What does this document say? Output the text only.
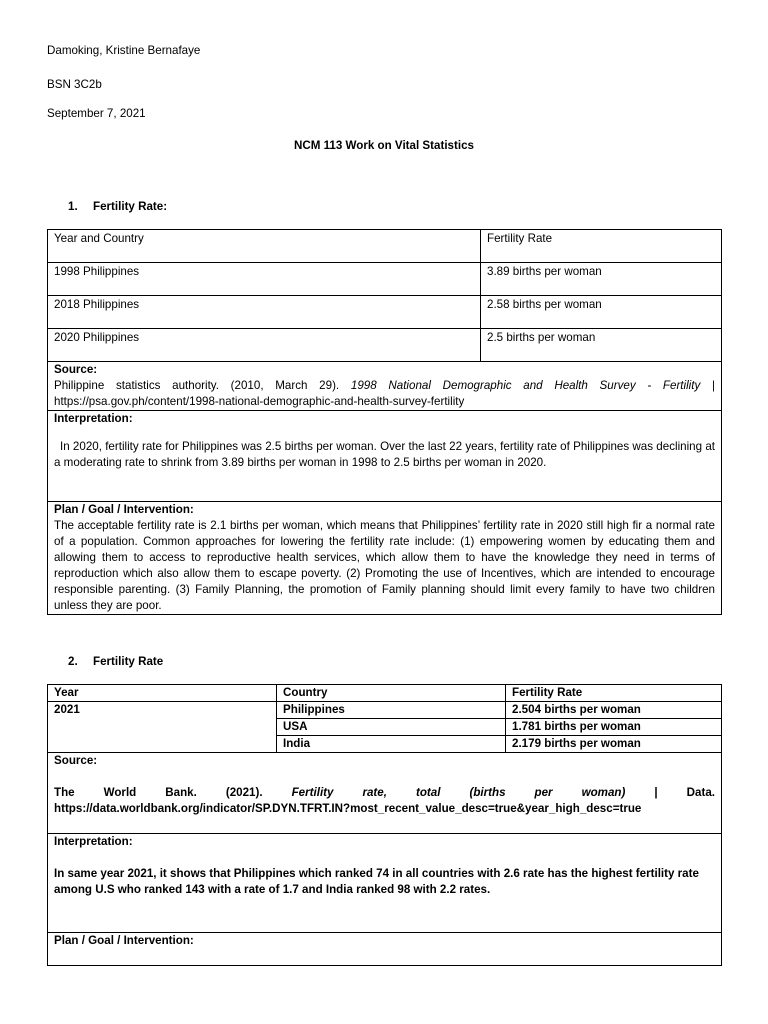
Damoking, Kristine Bernafaye
BSN 3C2b
September 7, 2021
NCM 113 Work on Vital Statistics
1. Fertility Rate:
Year and Country	Fertility Rate
1998 Philippines	3.89 births per woman
2018 Philippines	2.58 births per woman
2020 Philippines	2.5 births per woman

Source:
Philippine statistics authority. (2010, March 29). 1998 National Demographic and Health Survey - Fertility | https://psa.gov.ph/content/1998-national-demographic-and-health-survey-fertility	

Interpretation:
In 2020, fertility rate for Philippines was 2.5 births per woman. Over the last 22 years, fertility rate of Philippines was declining at a moderating rate to shrink from 3.89 births per woman in 1998 to 2.5 births per woman in 2020.	

Plan / Goal / Intervention:
The acceptable fertility rate is 2.1 births per woman, which means that Philippines’ fertility rate in 2020 still high fir a normal rate of a population. Common approaches for lowering the fertility rate include: (1) empowering women by educating them and allowing them to access to reproductive health services, which allow them to have the knowledge they need in terms of reproduction which also allow them to escape poverty. (2) Promoting the use of Incentives, which are intended to encourage responsible parenting. (3) Family Planning, the promotion of Family planning should limit every family to have two children unless they are poor.	
2. Fertility Rate
Year	Country	Fertility Rate
2021	Philippines	2.504 births per woman
	USA	1.781 births per woman
	India	2.179 births per woman

Source:
The World Bank. (2021). Fertility rate, total (births per woman) | Data. https://data.worldbank.org/indicator/SP.DYN.TFRT.IN?most_recent_value_desc=true&year_high_desc=true		

Interpretation:
In same year 2021, it shows that Philippines which ranked 74 in all countries with 2.6 rate has the highest fertility rate among U.S who ranked 143 with a rate of 1.7 and India ranked 98 with 2.2 rates.		

Plan / Goal / Intervention:		
